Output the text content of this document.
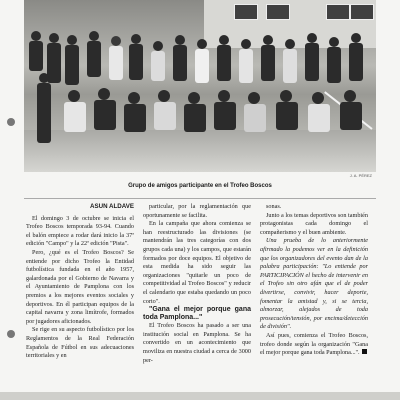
J. A. PÉREZ
Grupo de amigos participante en el Trofeo Boscos
ASUN ALDAVE

El domingo 3 de octubre se inicia el Trofeo Boscos temporada 93-94. Cuando el balón empiece a rodar dará inicio la 37ª edición "Campo" y la 22ª edición "Pista".

Pero, ¿qué es el Trofeo Boscos? Se entiende por dicho Trofeo la Entidad futbolística fundada en el año 1957, galardonada por el Gobierno de Navarra y el Ayuntamiento de Pamplona con los premios a los mejores eventos sociales y deportivos. En él participan equipos de la capital navarra y zona limítrofe, formados por jugadores aficionados.

Se rige en su aspecto futbolístico por los Reglamentos de la Real Federación Española de Fútbol en sus adecuaciones territoriales y en

particular, por la reglamentación que oportunamente se facilita.

En la campaña que ahora comienza se han reestructurado las divisiones (se mantendrán las tres categorías con dos grupos cada una) y los campos, que estarán formados por doce equipos. El objetivo de esta medida ha sido seguir las organizaciones "quitarle un poco de competitividad al Trofeo Boscos" y reducir el calendario que estaba quedando un poco corto".

"Gana el mejor porque gana toda Pamplona..."

El Trofeo Boscos ha pasado a ser una institución social en Pamplona. Se ha convertido en un acontecimiento que moviliza en nuestra ciudad a cerca de 3000 per-

sonas.

Junto a los temas deportivos son también protagonistas cada domingo el compañerismo y el buen ambiente.

Una prueba de lo anteriormente afirmado la podemos ver en la definición que los organizadores del evento dan de la palabra participación: "Lo entiende por PARTICIPACIÓN el hecho de intervenir en el Trofeo sin otro afán que el de poder divertirse, convivir, hacer deporte, fomentar la amistad y, si se tercia, almorzar, alejados de toda prosecución/tensión, por encima/detección de división".

Así pues, comienza el Trofeo Boscos, trofeo donde según la organización "Gana el mejor porque gana toda Pamplona...".
